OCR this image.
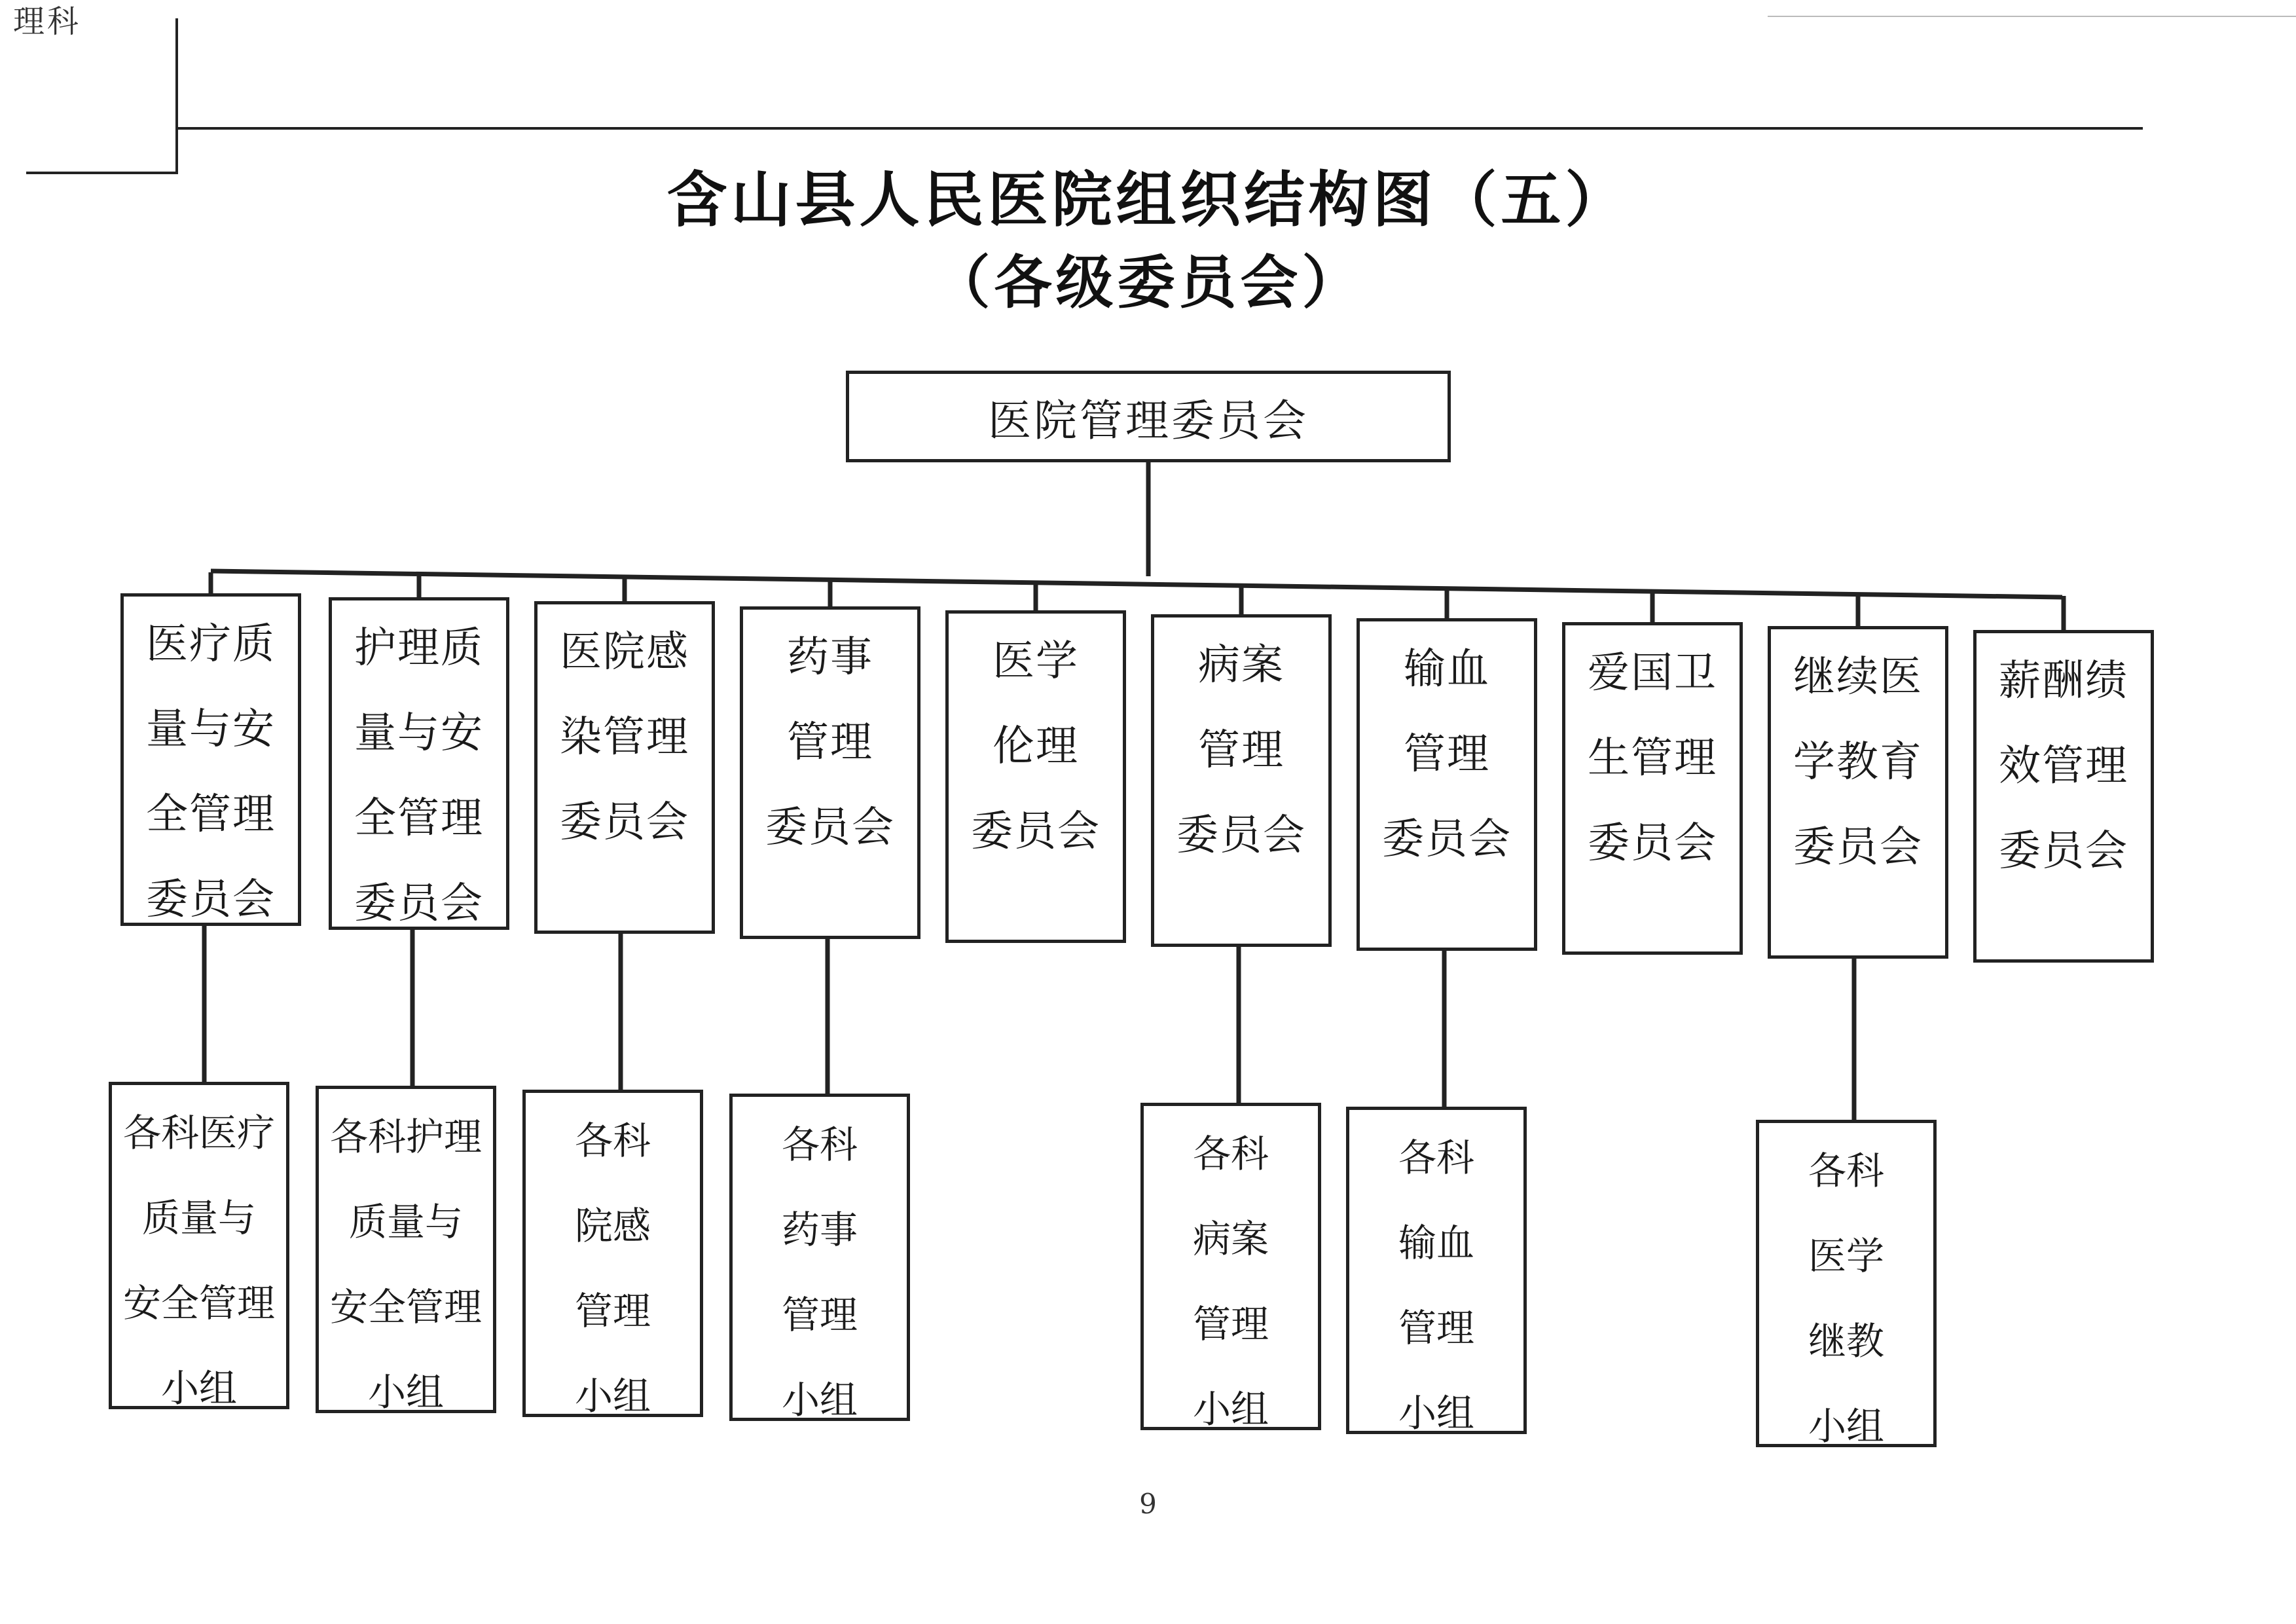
理科
含山县人民医院组织结构图（五）
（各级委员会）
医院管理委员会
医疗质
量与安
全管理
委员会
护理质
量与安
全管理
委员会
医院感
染管理
委员会
药事
管理
委员会
医学
伦理
委员会
病案
管理
委员会
输血
管理
委员会
爱国卫
生管理
委员会
继续医
学教育
委员会
薪酬绩
效管理
委员会
各科医疗
质量与
安全管理
小组
各科护理
质量与
安全管理
小组
各科
院感
管理
小组
各科
药事
管理
小组
各科
病案
管理
小组
各科
输血
管理
小组
各科
医学
继教
小组
9
